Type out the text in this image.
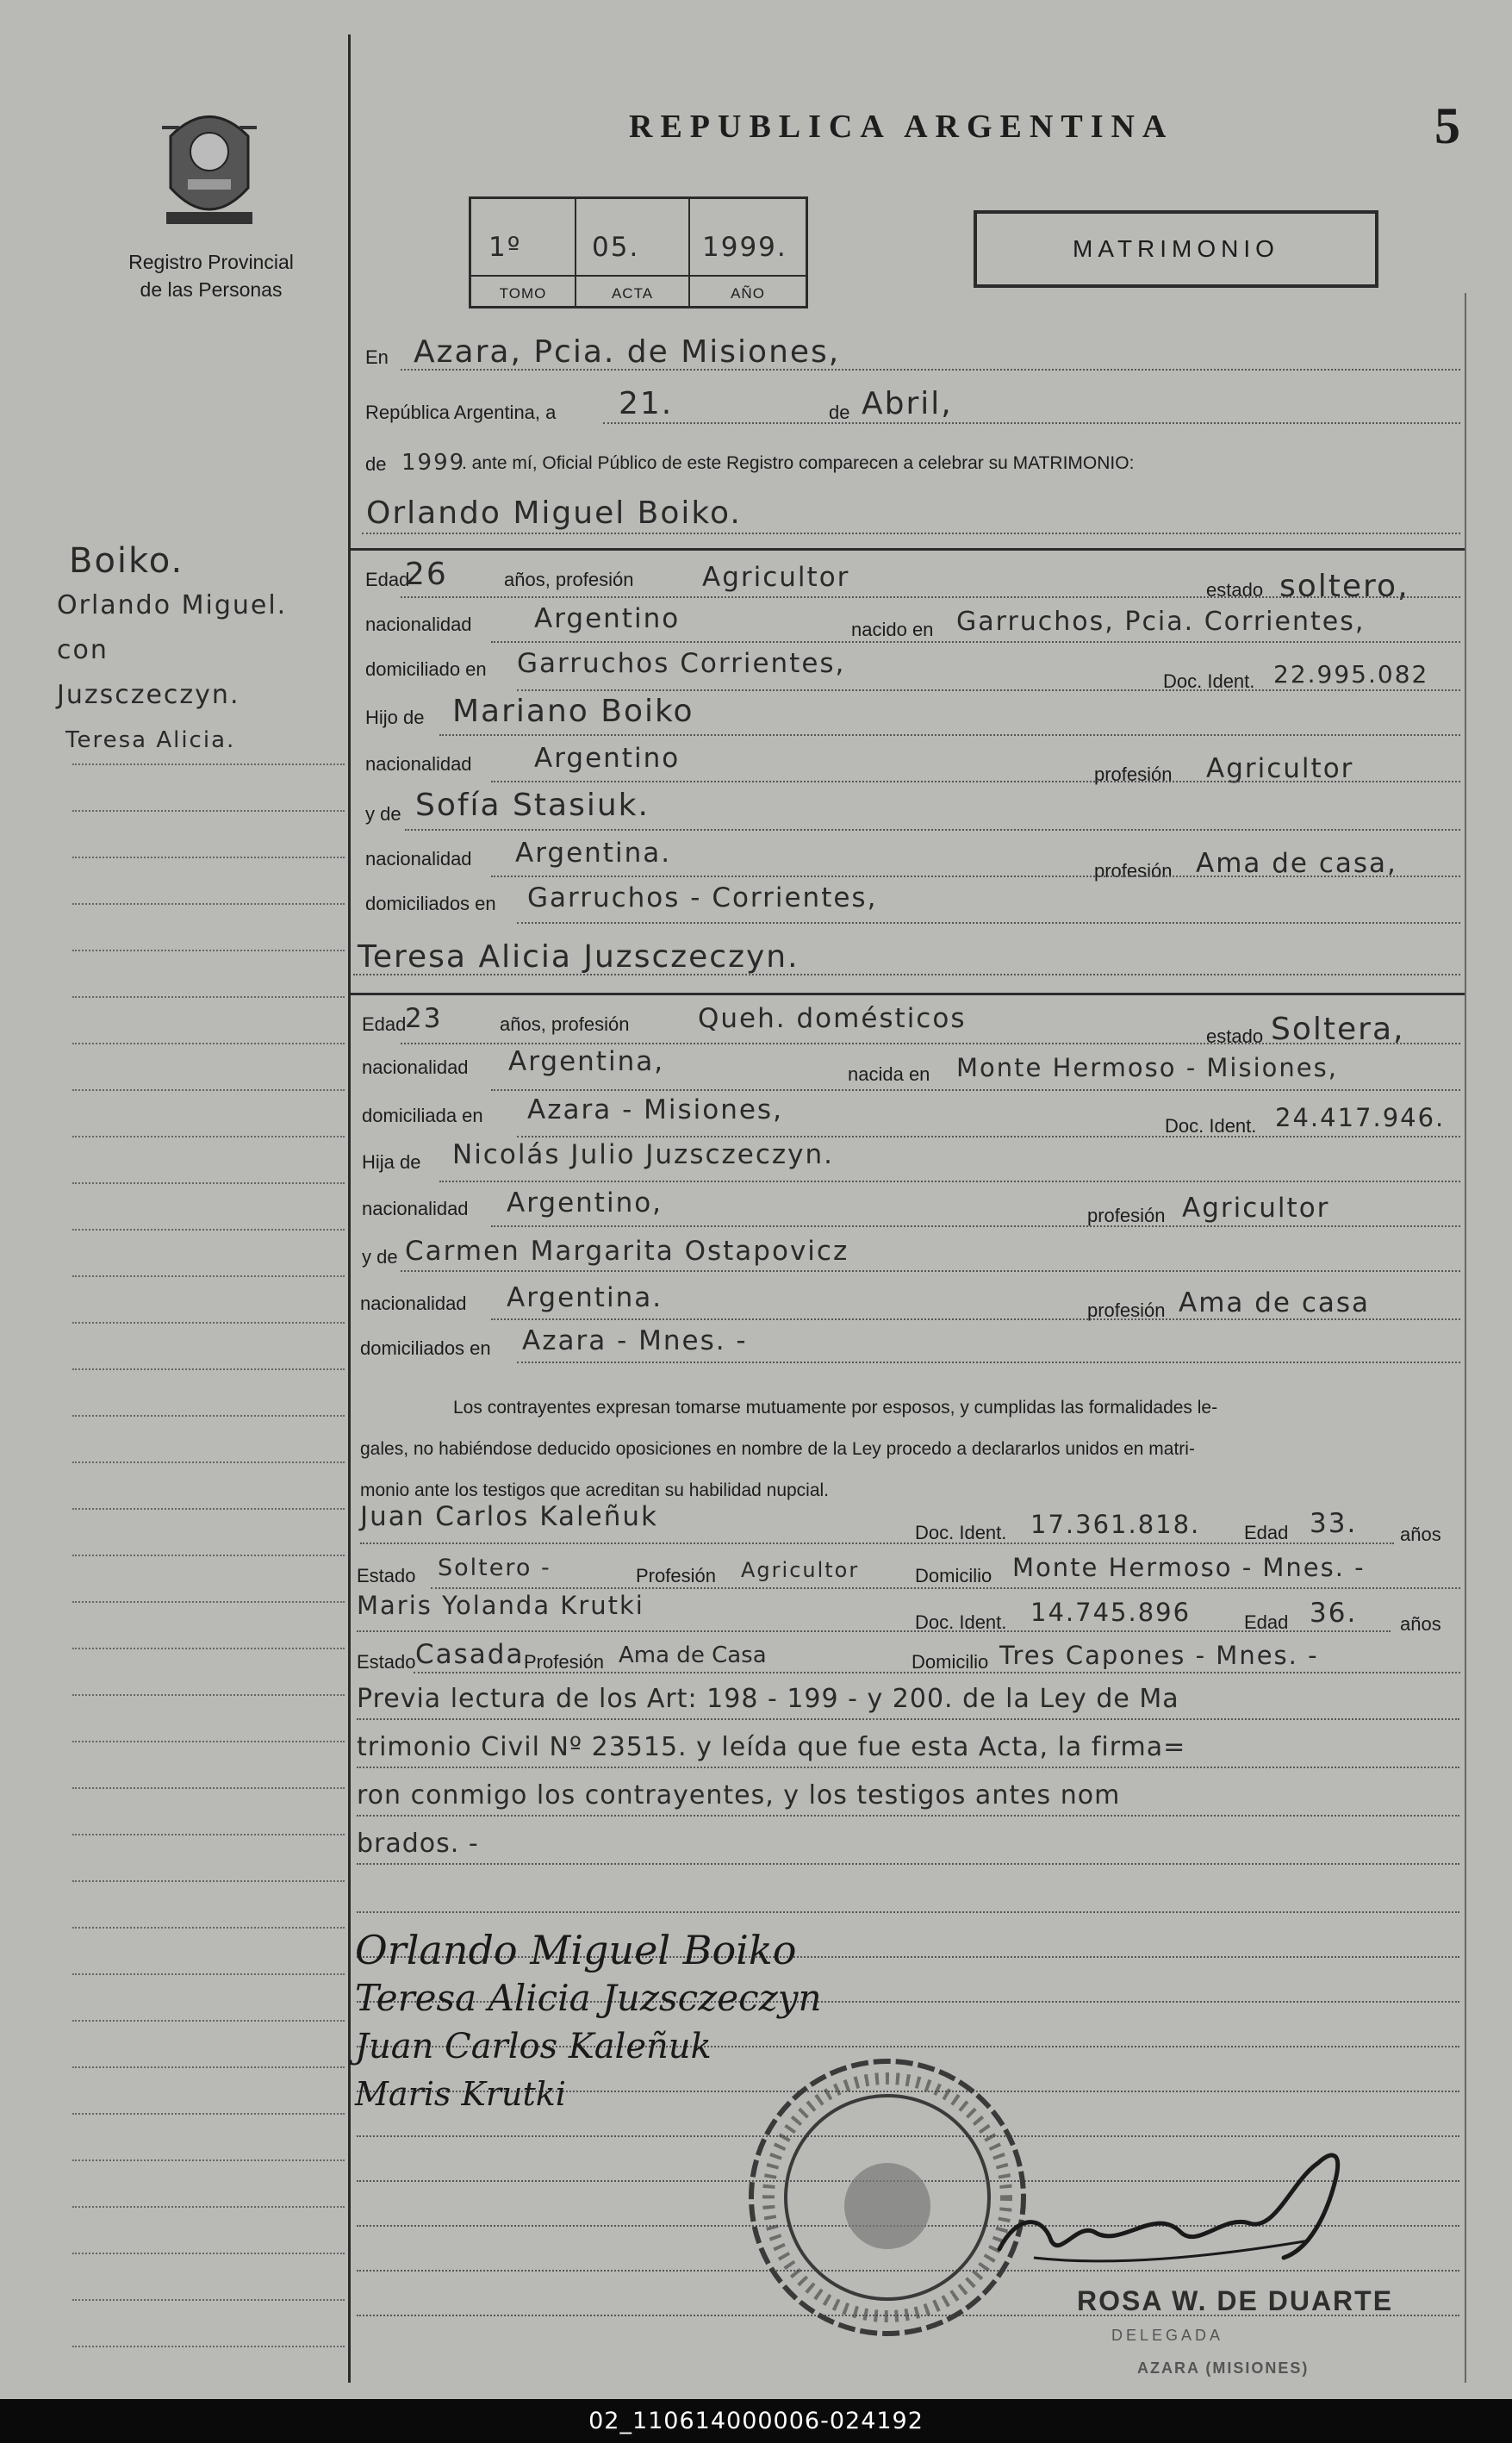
Registro Provincial
de las Personas
REPUBLICA ARGENTINA	5
1º
TOMO
05.
ACTA
1999.
AÑO
MATRIMONIO
Boiko.
Orlando Miguel.
con
Juzsczeczyn.
Teresa Alicia.
En Azara, Pcia. de Misiones,
República Argentina, a 21.	de Abril,
de 1999
. ante mí, Oficial Público de este Registro comparecen a celebrar su MATRIMONIO:
Orlando Miguel Boiko.
Edad
26	años, profesión	Agricultor	estado soltero,
nacionalidad Argentino	nacido en Garruchos, Pcia. Corrientes,
domiciliado en Garruchos Corrientes,
Doc. Ident. 22.995.082
Hijo de Mariano Boiko
nacionalidad Argentino
profesión Agricultor
y de Sofía Stasiuk.
nacionalidad Argentina.
profesión Ama de casa,
domiciliados en Garruchos - Corrientes,
Teresa Alicia Juzsczeczyn.
Edad
23	años, profesión	Queh. domésticos
estado Soltera,
nacionalidad Argentina,	nacida en Monte Hermoso - Misiones,
domiciliada en Azara - Misiones,
Doc. Ident. 24.417.946.
Hija de Nicolás Julio Juzsczeczyn.
nacionalidad Argentino,	profesión Agricultor
y de Carmen Margarita Ostapovicz
nacionalidad Argentina.	profesión Ama de casa
domiciliados en Azara - Mnes. -
Los contrayentes expresan tomarse mutuamente por esposos, y cumplidas las formalidades le-
gales, no habiéndose deducido oposiciones en nombre de la Ley procedo a declararlos unidos en matri-
monio ante los testigos que acreditan su habilidad nupcial.
Juan Carlos Kaleñuk
Doc. Ident. 17.361.818. Edad 33. años
Estado Soltero -	Profesión Agricultor	Domicilio Monte Hermoso - Mnes. -
Maris Yolanda Krutki
Doc. Ident. 14.745.896	Edad 36. años
Estado Casada Profesión Ama de Casa	Domicilio Tres Capones - Mnes. -
Previa lectura de los Art: 198 - 199 - y 200. de la Ley de Ma
trimonio Civil Nº 23515. y leída que fue esta Acta, la firma=
ron conmigo los contrayentes, y los testigos antes nom
brados. -
Orlando Miguel Boiko
Teresa Alicia Juzsczeczyn
Juan Carlos Kaleñuk
Maris Krutki
ROSA W. DE DUARTE
DELEGADA
AZARA (MISIONES)
02_110614000006-024192
